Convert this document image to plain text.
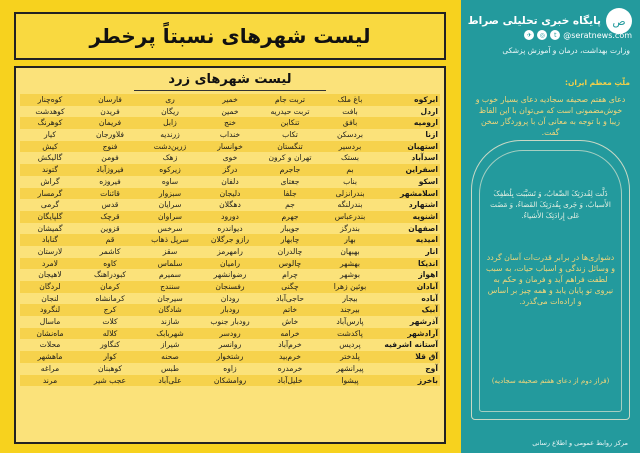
لیست شهرهای نسبتاً پرخطر
لیست شهرهای زرد
ابرکوه
باغ ملک
تربت جام
خمیر
ری
فارسان
کوه‌چنار
اردل
بافت
تربت حیدریه
خمین
ریگان
فریدن
کوهدشت
ارومیه
بافق
تنکابن
خنج
زابل
فریمان
کوهرنگ
ازنا
بردسکن
تکاب
خنداب
زرندیه
فلاورجان
کیار
استهبان
بردسیر
تنگستان
خوانسار
زرین‌دشت
فنوج
کیش
اسدآباد
بستک
تهران و کرون
خوی
زهک
فومن
گالیکش
اسفراین
بم
جاجرم
درگز
زیرکوه
فیروزآباد
گتوند
اسکو
بناب
جغتای
دلفان
ساوه
فیروزه
گراش
اسلامشهر
بندرانزلی
جلفا
دلیجان
سبزوار
قائنات
گرمسار
اشتهارد
بندرلنگه
جم
دهگلان
سرایان
قدس
گرمی
اشنویه
بندرعباس
جهرم
دورود
سراوان
قرچک
گلپایگان
اصفهان
بندرگز
جویبار
دیواندره
سرخس
قزوین
گمیشان
امیدیه
بهار
چابهار
رازو جرگلان
سرپل ذهاب
قم
گناباد
انار
بهبهان
چالدران
رامهرمز
سقز
کاشمر
لارستان
اندیکا
بهشهر
چالوس
رامیان
سلماس
کاوه
لامرد
اهواز
بوشهر
چرام
رضوانشهر
سمیرم
کبودراهنگ
لاهیجان
آبادان
بوئین زهرا
چگنی
رفسنجان
سنندج
کرمان
لردگان
آباده
بیجار
حاجی‌آباد
رودان
سیرجان
کرمانشاه
لنجان
آبیک
بیرجند
خاتم
رودبار
شادگان
کرج
لنگرود
آذرشهر
پارس‌آباد
خاش
رودبار جنوب
شازند
کلات
ماسال
آرادشهر
پاکدشت
خرامه
رودسر
شهربابک
کلاله
ماه‌نشان
آستانه اشرفیه
پردیس
خرم‌آباد
روانسر
شیراز
کنگاور
محلات
آق قلا
پلدختر
خرم‌بید
رشتخوار
صحنه
کوار
ماهشهر
آوج
پیرانشهر
خرمدره
زاوه
طبس
کوهبنان
مراغه
باخرز
پیشوا
خلیل‌آباد
روامشکان
علی‌آباد
عجب شیر
مرند
ص
پایگاه خبری تحلیلی صراط
✈	◎	t @seratnews.com
وزارت بهداشت، درمان و آموزش پزشکی
ملّتِ معظم ایران:
دعای هفتم صحیفه سجادیه دعای بسیار خوب و خوش‌مضمونی است که می‌توان با این الفاظ زیبا و با توجه به معانی آن با پروردگار سخن گفت.
ذَلَّت لِقُدرَتِکَ الصِّعابُ، وَ تَسَبَّبَت بِلُطفِکَ الأَسبابُ، وَ جَرى بِقُدرَتِکَ القَضاءُ، وَ مَضَت عَلى إِرادَتِکَ الأَشیاءُ.
دشواری‌ها در برابر قدرت‌ات آسان گردد و وسائل زندگی و اسباب حیات، به سبب لطفت فراهم آید و فرمان و حکم به نیروی تو پایان یابد و همه چیز بر اساس و اراده‌ات می‌گذرد.
(فراز دوم از دعای هفتم صحیفه سجادیه)
مرکز روابط عمومی و اطلاع رسانی
